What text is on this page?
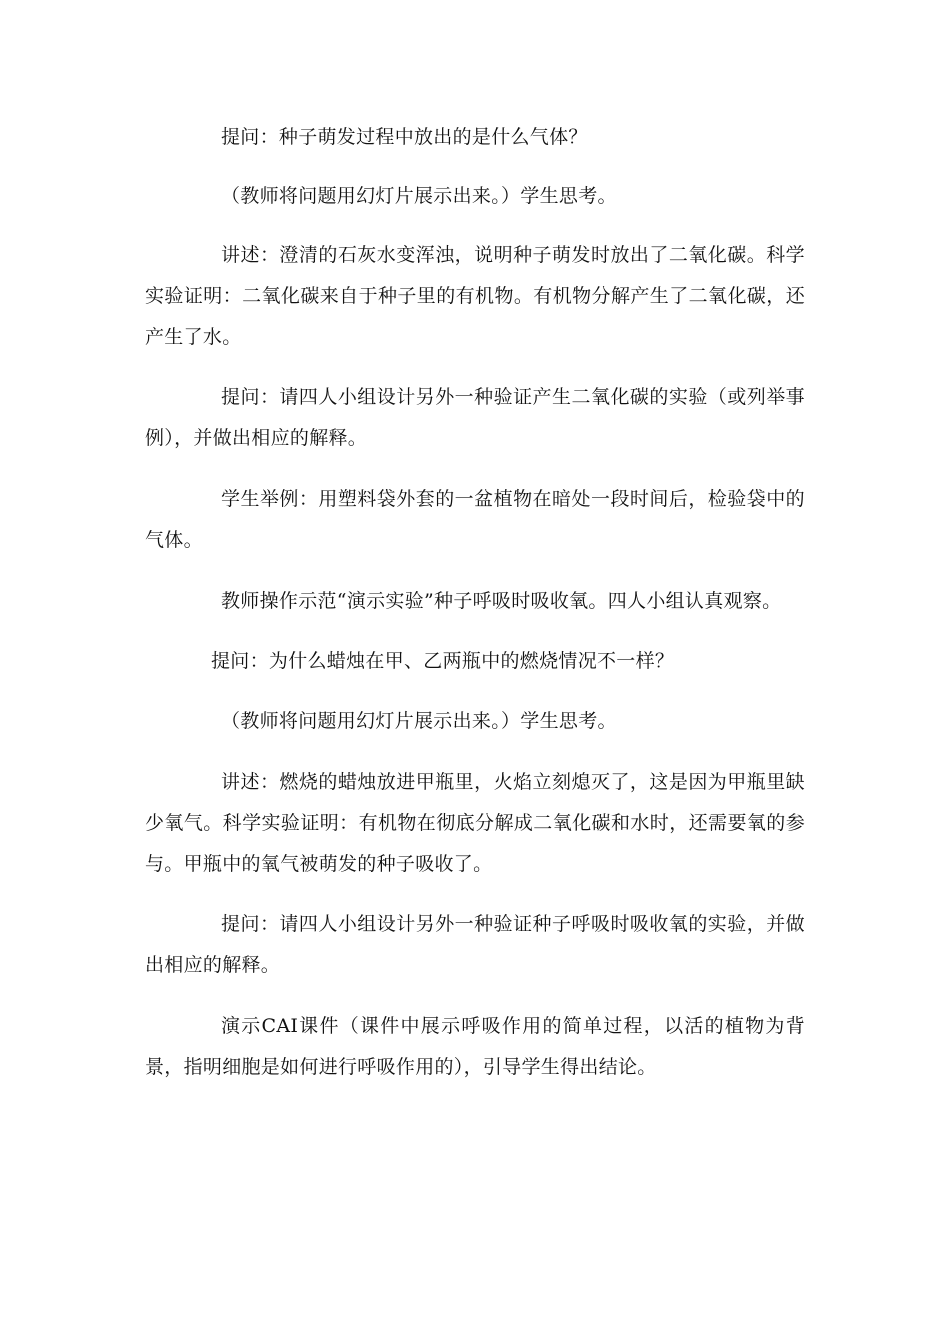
提问：种子萌发过程中放出的是什么气体？

（教师将问题用幻灯片展示出来。）学生思考。

讲述：澄清的石灰水变浑浊，说明种子萌发时放出了二氧化碳。科学实验证明：二氧化碳来自于种子里的有机物。有机物分解产生了二氧化碳，还产生了水。

提问：请四人小组设计另外一种验证产生二氧化碳的实验（或列举事例），并做出相应的解释。

学生举例：用塑料袋外套的一盆植物在暗处一段时间后，检验袋中的气体。

教师操作示范“演示实验”种子呼吸时吸收氧。四人小组认真观察。

提问：为什么蜡烛在甲、乙两瓶中的燃烧情况不一样？

（教师将问题用幻灯片展示出来。）学生思考。

讲述：燃烧的蜡烛放进甲瓶里，火焰立刻熄灭了，这是因为甲瓶里缺少氧气。科学实验证明：有机物在彻底分解成二氧化碳和水时，还需要氧的参与。甲瓶中的氧气被萌发的种子吸收了。

提问：请四人小组设计另外一种验证种子呼吸时吸收氧的实验，并做出相应的解释。

演示CAI课件（课件中展示呼吸作用的简单过程，以活的植物为背景，指明细胞是如何进行呼吸作用的），引导学生得出结论。
